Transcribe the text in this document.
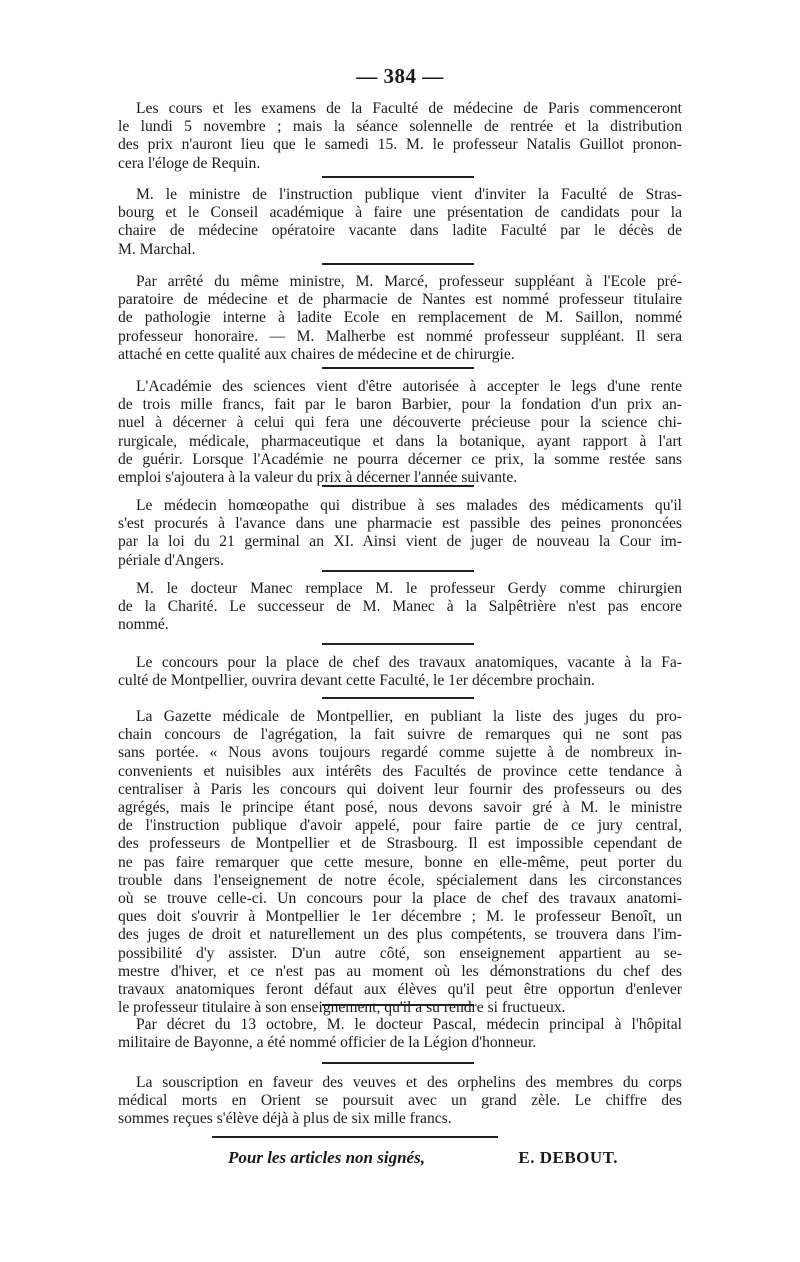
— 384 —
Les cours et les examens de la Faculté de médecine de Paris commenceront
le lundi 5 novembre ; mais la séance solennelle de rentrée et la distribution
des prix n'auront lieu que le samedi 15. M. le professeur Natalis Guillot pronon-
cera l'éloge de Requin.
M. le ministre de l'instruction publique vient d'inviter la Faculté de Stras-
bourg et le Conseil académique à faire une présentation de candidats pour la
chaire de médecine opératoire vacante dans ladite Faculté par le décès de
M. Marchal.
Par arrêté du même ministre, M. Marcé, professeur suppléant à l'Ecole pré-
paratoire de médecine et de pharmacie de Nantes est nommé professeur titulaire
de pathologie interne à ladite Ecole en remplacement de M. Saillon, nommé
professeur honoraire. — M. Malherbe est nommé professeur suppléant. Il sera
attaché en cette qualité aux chaires de médecine et de chirurgie.
L'Académie des sciences vient d'être autorisée à accepter le legs d'une rente
de trois mille francs, fait par le baron Barbier, pour la fondation d'un prix an-
nuel à décerner à celui qui fera une découverte précieuse pour la science chi-
rurgicale, médicale, pharmaceutique et dans la botanique, ayant rapport à l'art
de guérir. Lorsque l'Académie ne pourra décerner ce prix, la somme restée sans
emploi s'ajoutera à la valeur du prix à décerner l'année suivante.
Le médecin homœopathe qui distribue à ses malades des médicaments qu'il
s'est procurés à l'avance dans une pharmacie est passible des peines prononcées
par la loi du 21 germinal an XI. Ainsi vient de juger de nouveau la Cour im-
périale d'Angers.
M. le docteur Manec remplace M. le professeur Gerdy comme chirurgien
de la Charité. Le successeur de M. Manec à la Salpêtrière n'est pas encore
nommé.
Le concours pour la place de chef des travaux anatomiques, vacante à la Fa-
culté de Montpellier, ouvrira devant cette Faculté, le 1er décembre prochain.
La Gazette médicale de Montpellier, en publiant la liste des juges du pro-
chain concours de l'agrégation, la fait suivre de remarques qui ne sont pas
sans portée. « Nous avons toujours regardé comme sujette à de nombreux in-
convenients et nuisibles aux intérêts des Facultés de province cette tendance à
centraliser à Paris les concours qui doivent leur fournir des professeurs ou des
agrégés, mais le principe étant posé, nous devons savoir gré à M. le ministre
de l'instruction publique d'avoir appelé, pour faire partie de ce jury central,
des professeurs de Montpellier et de Strasbourg. Il est impossible cependant de
ne pas faire remarquer que cette mesure, bonne en elle-même, peut porter du
trouble dans l'enseignement de notre école, spécialement dans les circonstances
où se trouve celle-ci. Un concours pour la place de chef des travaux anatomi-
ques doit s'ouvrir à Montpellier le 1er décembre ; M. le professeur Benoît, un
des juges de droit et naturellement un des plus compétents, se trouvera dans l'im-
possibilité d'y assister. D'un autre côté, son enseignement appartient au se-
mestre d'hiver, et ce n'est pas au moment où les démonstrations du chef des
travaux anatomiques feront défaut aux élèves qu'il peut être opportun d'enlever
le professeur titulaire à son enseignement, qu'il a su rendre si fructueux.
Par décret du 13 octobre, M. le docteur Pascal, médecin principal à l'hôpital
militaire de Bayonne, a été nommé officier de la Légion d'honneur.
La souscription en faveur des veuves et des orphelins des membres du corps
médical morts en Orient se poursuit avec un grand zèle. Le chiffre des
sommes reçues s'élève déjà à plus de six mille francs.
Pour les articles non signés,	E. DEBOUT.
